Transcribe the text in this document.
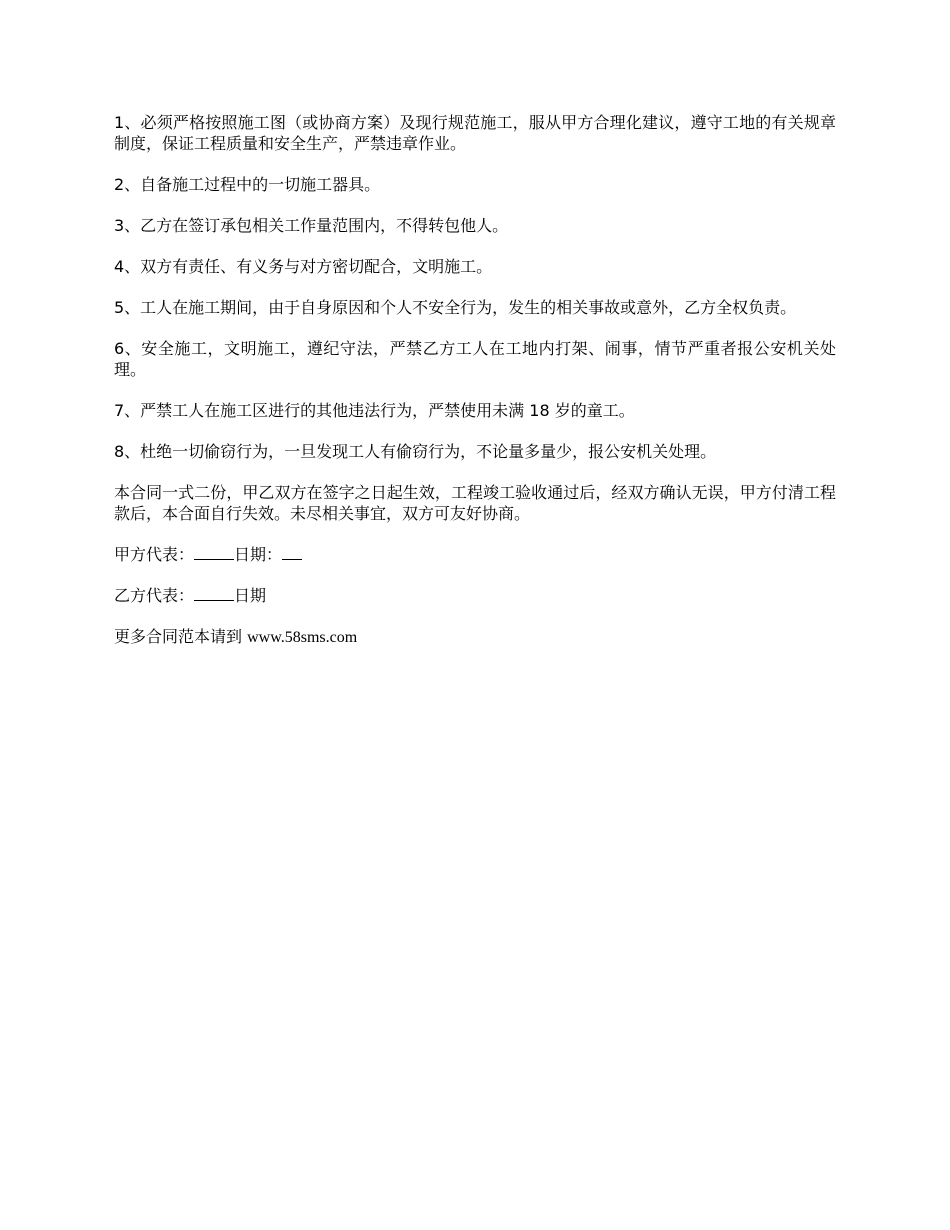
1、必须严格按照施工图（或协商方案）及现行规范施工，服从甲方合理化建议，遵守工地的有关规章制度，保证工程质量和安全生产，严禁违章作业。

2、自备施工过程中的一切施工器具。

3、乙方在签订承包相关工作量范围内，不得转包他人。

4、双方有责任、有义务与对方密切配合，文明施工。

5、工人在施工期间，由于自身原因和个人不安全行为，发生的相关事故或意外，乙方全权负责。

6、安全施工，文明施工，遵纪守法，严禁乙方工人在工地内打架、闹事，情节严重者报公安机关处理。

7、严禁工人在施工区进行的其他违法行为，严禁使用未满 18 岁的童工。

8、杜绝一切偷窃行为，一旦发现工人有偷窃行为，不论量多量少，报公安机关处理。

本合同一式二份，甲乙双方在签字之日起生效，工程竣工验收通过后，经双方确认无误，甲方付清工程款后，本合面自行失效。未尽相关事宜，双方可友好协商。

甲方代表：	日期：
乙方代表：	日期
更多合同范本请到 www.58sms.com
